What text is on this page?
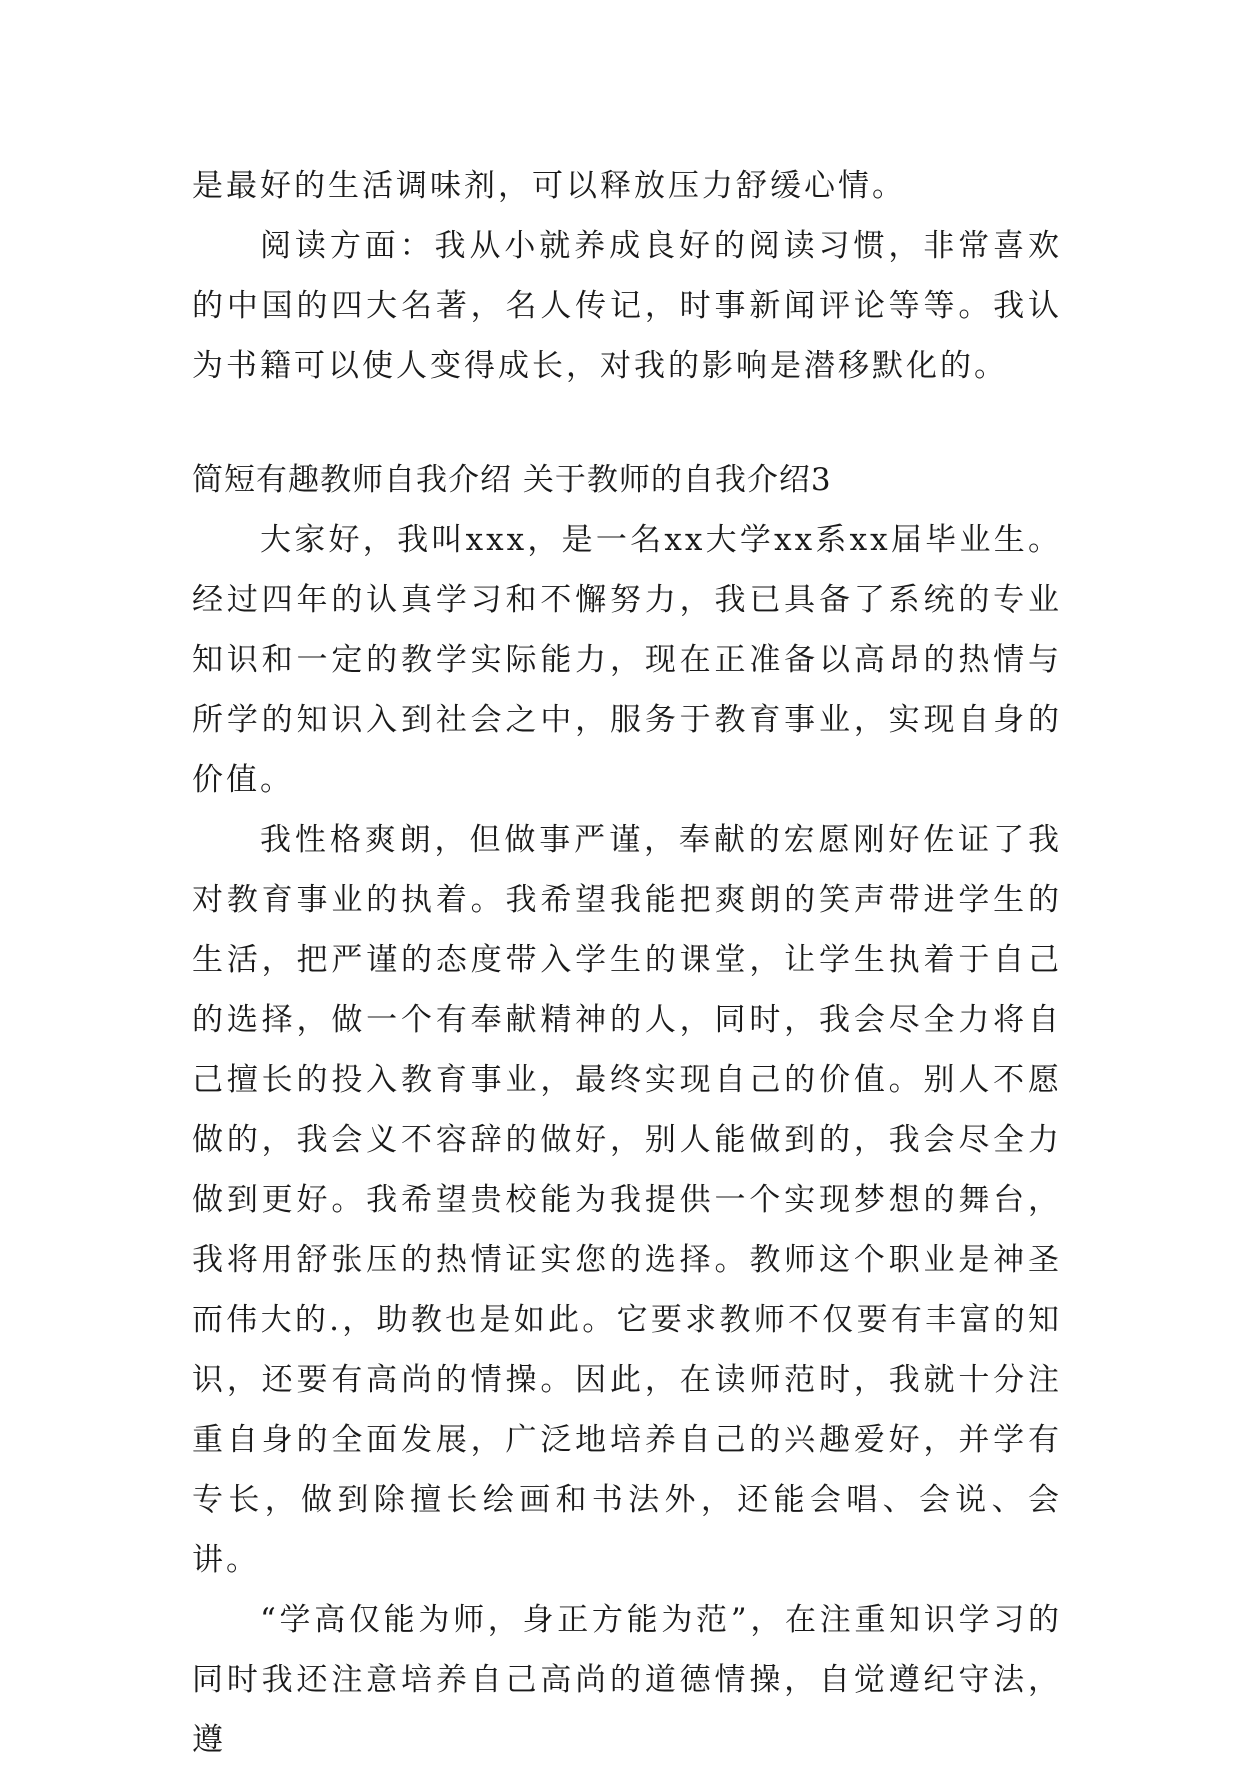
是最好的生活调味剂，可以释放压力舒缓心情。

阅读方面：我从小就养成良好的阅读习惯，非常喜欢的中国的四大名著，名人传记，时事新闻评论等等。我认为书籍可以使人变得成长，对我的影响是潜移默化的。

简短有趣教师自我介绍 关于教师的自我介绍3

大家好，我叫xxx，是一名xx大学xx系xx届毕业生。经过四年的认真学习和不懈努力，我已具备了系统的专业知识和一定的教学实际能力，现在正准备以高昂的热情与所学的知识入到社会之中，服务于教育事业，实现自身的价值。

我性格爽朗，但做事严谨，奉献的宏愿刚好佐证了我对教育事业的执着。我希望我能把爽朗的笑声带进学生的生活，把严谨的态度带入学生的课堂，让学生执着于自己的选择，做一个有奉献精神的人，同时，我会尽全力将自己擅长的投入教育事业，最终实现自己的价值。别人不愿做的，我会义不容辞的做好，别人能做到的，我会尽全力做到更好。我希望贵校能为我提供一个实现梦想的舞台，我将用舒张压的热情证实您的选择。教师这个职业是神圣而伟大的.，助教也是如此。它要求教师不仅要有丰富的知识，还要有高尚的情操。因此，在读师范时，我就十分注重自身的全面发展，广泛地培养自己的兴趣爱好，并学有专长，做到除擅长绘画和书法外，还能会唱、会说、会讲。

“学高仅能为师，身正方能为范”，在注重知识学习的同时我还注意培养自己高尚的道德情操，自觉遵纪守法，遵
